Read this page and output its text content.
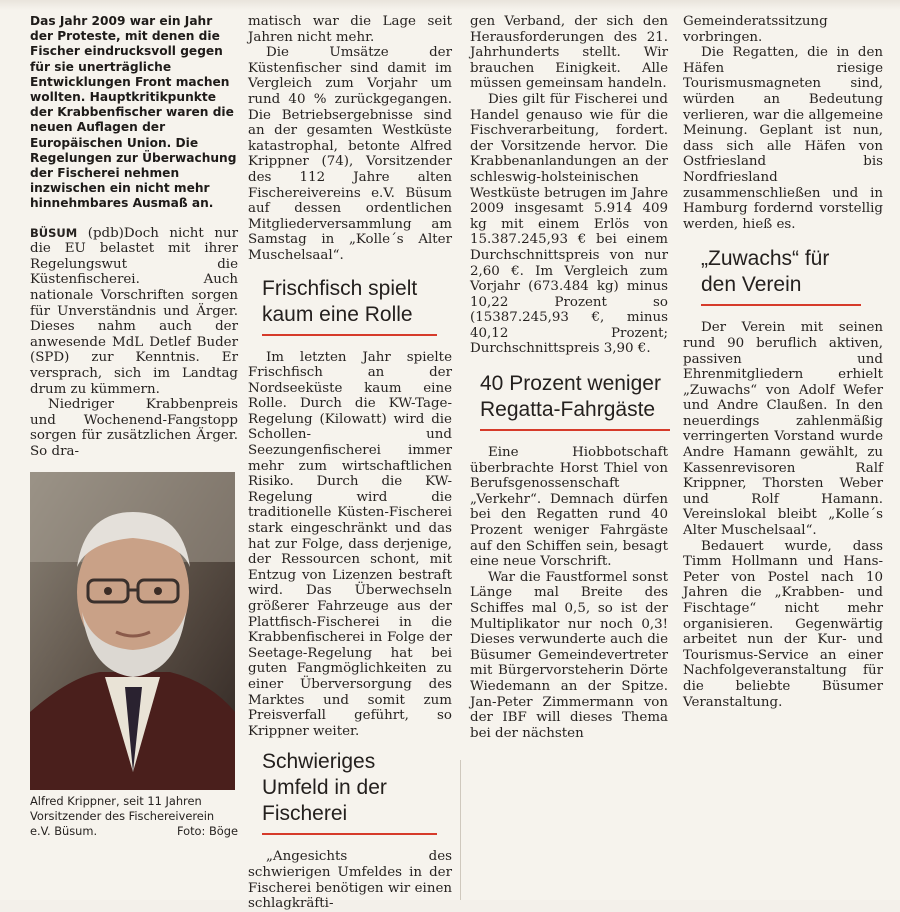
Das Jahr 2009 war ein Jahr der Proteste, mit denen die Fischer eindrucksvoll gegen für sie unerträgliche Entwicklungen Front machen wollten. Hauptkritikpunkte der Krabbenfischer waren die neuen Auflagen der Europäischen Union. Die Regelungen zur Überwachung der Fischerei nehmen inzwischen ein nicht mehr hinnehmbares Ausmaß an.

BÜSUM (pdb)Doch nicht nur die EU belastet mit ihrer Regelungswut die Küstenfischerei. Auch nationale Vorschriften sorgen für Unverständnis und Ärger. Dieses nahm auch der anwesende MdL Detlef Buder (SPD) zur Kenntnis. Er versprach, sich im Landtag drum zu kümmern.

Niedriger Krabbenpreis und Wochenend-Fangstopp sorgen für zusätzlichen Ärger. So dra-

Alfred Krippner, seit 11 Jahren Vorsitzender des Fischereiverein e.V. Büsum.	Foto: Böge

matisch war die Lage seit Jahren nicht mehr.

Die Umsätze der Küstenfischer sind damit im Vergleich zum Vorjahr um rund 40 % zurückgegangen. Die Betriebsergebnisse sind an der gesamten Westküste katastrophal, betonte Alfred Krippner (74), Vorsitzender des 112 Jahre alten Fischereivereins e.V. Büsum auf dessen ordentlichen Mitgliederversammlung am Samstag in „Kolle´s Alter Muschelsaal“.

Frischfisch spielt kaum eine Rolle

Im letzten Jahr spielte Frischfisch an der Nordseeküste kaum eine Rolle. Durch die KW-Tage-Regelung (Kilowatt) wird die Schollen- und Seezungenfischerei immer mehr zum wirtschaftlichen Risiko. Durch die KW-Regelung wird die traditionelle Küsten-Fischerei stark eingeschränkt und das hat zur Folge, dass derjenige, der Ressourcen schont, mit Entzug von Lizenzen bestraft wird. Das Überwechseln größerer Fahrzeuge aus der Plattfisch-Fischerei in die Krabbenfischerei in Folge der Seetage-Regelung hat bei guten Fangmöglichkeiten zu einer Überversorgung des Marktes und somit zum Preisverfall geführt, so Krippner weiter.

Schwieriges Umfeld in der Fischerei

„Angesichts des schwierigen Umfeldes in der Fischerei benötigen wir einen schlagkräfti-

gen Verband, der sich den Herausforderungen des 21. Jahrhunderts stellt. Wir brauchen Einigkeit. Alle müssen gemeinsam handeln.

Dies gilt für Fischerei und Handel genauso wie für die Fischverarbeitung, fordert. der Vorsitzende hervor. Die Krabbenanlandungen an der schleswig-holsteinischen Westküste betrugen im Jahre 2009 insgesamt 5.914 409 kg mit einem Erlös von 15.387.245,93 € bei einem Durchschnittspreis von nur 2,60 €. Im Vergleich zum Vorjahr (673.484 kg) minus 10,22 Prozent so (15387.245,93 €, minus 40,12 Prozent; Durchschnittspreis 3,90 €.

40 Prozent weniger Regatta-Fahrgäste

Eine Hiobbotschaft überbrachte Horst Thiel von Berufsgenossenschaft „Verkehr“. Demnach dürfen bei den Regatten rund 40 Prozent weniger Fahrgäste auf den Schiffen sein, besagt eine neue Vorschrift.

War die Faustformel sonst Länge mal Breite des Schiffes mal 0,5, so ist der Multiplikator nur noch 0,3! Dieses verwunderte auch die Büsumer Gemeindevertreter mit Bürgervorsteherin Dörte Wiedemann an der Spitze. Jan-Peter Zimmermann von der IBF will dieses Thema bei der nächsten

Gemeinderatssitzung vorbringen.

Die Regatten, die in den Häfen riesige Tourismusmagneten sind, würden an Bedeutung verlieren, war die allgemeine Meinung. Geplant ist nun, dass sich alle Häfen von Ostfriesland bis Nordfriesland zusammenschließen und in Hamburg fordernd vorstellig werden, hieß es.

„Zuwachs“ für den Verein

Der Verein mit seinen rund 90 beruflich aktiven, passiven und Ehrenmitgliedern erhielt „Zuwachs“ von Adolf Wefer und Andre Claußen. In den neuerdings zahlenmäßig verringerten Vorstand wurde Andre Hamann gewählt, zu Kassenrevisoren Ralf Krippner, Thorsten Weber und Rolf Hamann. Vereinslokal bleibt „Kolle´s Alter Muschelsaal“.

Bedauert wurde, dass Timm Hollmann und Hans-Peter von Postel nach 10 Jahren die „Krabben- und Fischtage“ nicht mehr organisieren. Gegenwärtig arbeitet nun der Kur- und Tourismus-Service an einer Nachfolgeveranstaltung für die beliebte Büsumer Veranstaltung.
